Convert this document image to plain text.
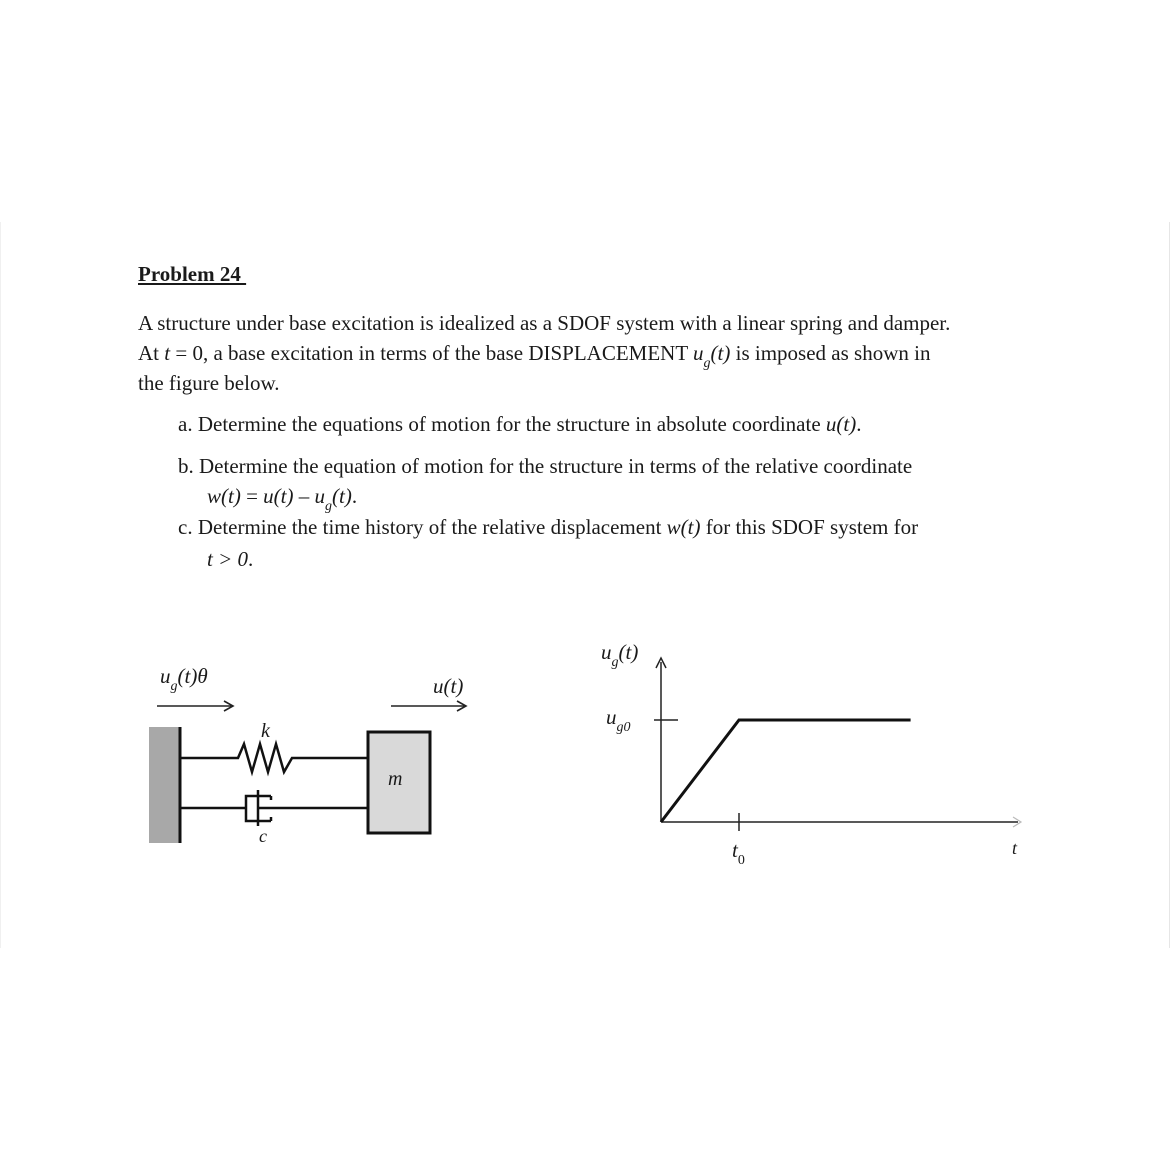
Problem 24
A structure under base excitation is idealized as a SDOF system with a linear spring and damper.
At t = 0, a base excitation in terms of the base DISPLACEMENT $u_g(t)$ is imposed as shown in
the figure below.
a. Determine the equations of motion for the structure in absolute coordinate u(t).
b. Determine the equation of motion for the structure in terms of the relative coordinate
$w(t) = u(t) - u_g(t)$.
c. Determine the time history of the relative displacement w(t) for this SDOF system for
t > 0.
$u_g(t)\theta$	u(t)
k
c
m
$u_g(t)$
$u_{g0}$
$t_0$
t
